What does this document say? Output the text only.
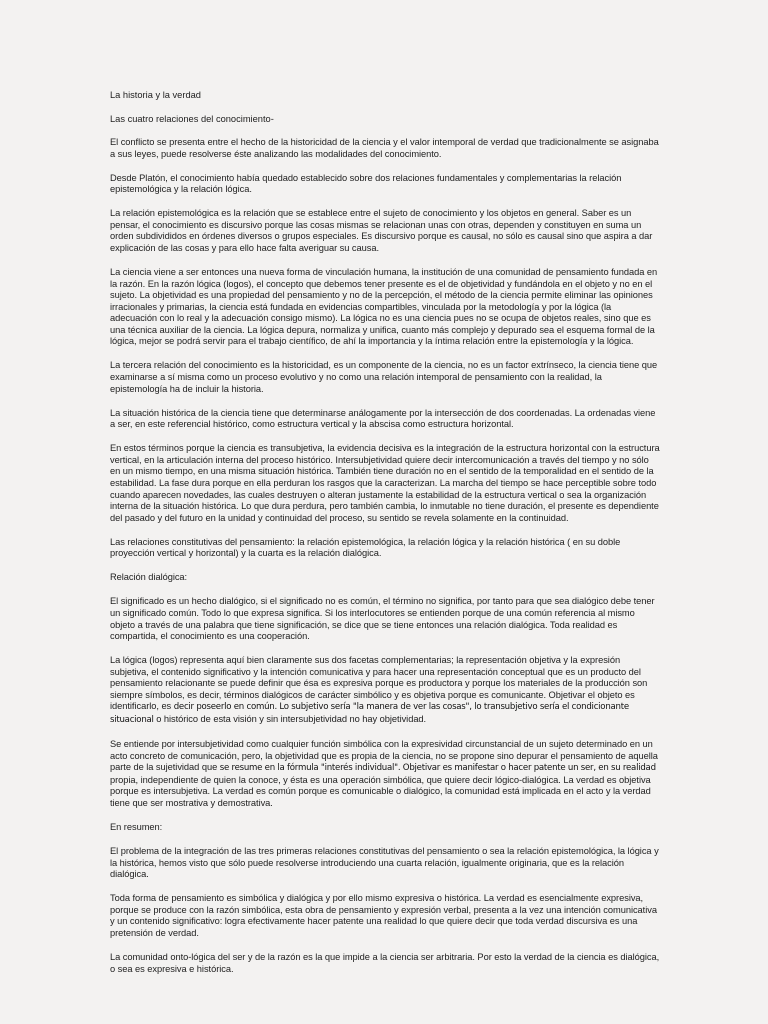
La historia y la verdad
Las cuatro relaciones del conocimiento-

El conflicto se presenta entre el hecho de la historicidad de la ciencia y el valor intemporal de verdad que tradicionalmente se asignaba a sus leyes, puede resolverse éste analizando las modalidades del conocimiento.

Desde Platón, el conocimiento había quedado establecido sobre dos relaciones fundamentales y complementarias la relación epistemológica y la relación lógica.

La relación epistemológica es la relación que se establece entre el sujeto de conocimiento y los objetos en general. Saber es un pensar, el conocimiento es discursivo porque las cosas mismas se relacionan unas con otras, dependen y constituyen en suma un orden subdivididos en órdenes diversos o grupos especiales. Es discursivo porque es causal, no sólo es causal sino que aspira a dar explicación de las cosas y para ello hace falta averiguar su causa.

La ciencia viene a ser entonces una nueva forma de vinculación humana, la institución de una comunidad de pensamiento fundada en la razón. En la razón lógica (logos), el concepto que debemos tener presente es el de objetividad y fundándola en el objeto y no en el sujeto. La objetividad es una propiedad del pensamiento y no de la percepción, el método de la ciencia permite eliminar las opiniones irracionales y primarias, la ciencia está fundada en evidencias compartibles, vinculada por la metodología y por la lógica (la adecuación con lo real y la adecuación consigo mismo). La lógica no es una ciencia pues no se ocupa de objetos reales, sino que es una técnica auxiliar de la ciencia. La lógica depura, normaliza y unifica, cuanto más complejo y depurado sea el esquema formal de la lógica, mejor se podrá servir para el trabajo científico, de ahí la importancia y la íntima relación entre la epistemología y la lógica.

La tercera relación del conocimiento es la historicidad, es un componente de la ciencia, no es un factor extrínseco, la ciencia tiene que examinarse a sí misma como un proceso evolutivo y no como una relación intemporal de pensamiento con la realidad, la epistemología ha de incluir la historia.

La situación histórica de la ciencia tiene que determinarse análogamente por la intersección de dos coordenadas. La ordenadas viene a ser, en este referencial histórico, como estructura vertical y la abscisa como estructura horizontal.

En estos términos porque la ciencia es transubjetiva, la evidencia decisiva es la integración de la estructura horizontal con la estructura vertical, en la articulación interna del proceso histórico. Intersubjetividad quiere decir intercomunicación a través del tiempo y no sólo en un mismo tiempo, en una misma situación histórica. También tiene duración no en el sentido de la temporalidad en el sentido de la estabilidad. La fase dura porque en ella perduran los rasgos que la caracterizan. La marcha del tiempo se hace perceptible sobre todo cuando aparecen novedades, las cuales destruyen o alteran justamente la estabilidad de la estructura vertical o sea la organización interna de la situación histórica. Lo que dura perdura, pero también cambia, lo inmutable no tiene duración, el presente es dependiente del pasado y del futuro en la unidad y continuidad del proceso, su sentido se revela solamente en la continuidad.

Las relaciones constitutivas del pensamiento: la relación epistemológica, la relación lógica y la relación histórica ( en su doble proyección vertical y horizontal) y la cuarta es la relación dialógica.

Relación dialógica:

El significado es un hecho dialógico, si el significado no es común, el término no significa, por tanto para que sea dialógico debe tener un significado común. Todo lo que expresa significa. Si los interlocutores se entienden porque de una común referencia al mismo objeto a través de una palabra que tiene significación, se dice que se tiene entonces una relación dialógica. Toda realidad es compartida, el conocimiento es una cooperación.

La lógica (logos) representa aquí bien claramente sus dos facetas complementarias; la representación objetiva y la expresión subjetiva, el contenido significativo y la intención comunicativa y para hacer una representación conceptual que es un producto del pensamiento relacionante se puede definir que ésa es expresiva porque es productora y porque los materiales de la producción son siempre símbolos, es decir, términos dialógicos de carácter simbólico y es objetiva porque es comunicante. Objetivar el objeto es identificarlo, es decir poseerlo en común. Lo subjetivo sería "la manera de ver las cosas", lo transubjetivo sería el condicionante situacional o histórico de esta visión y sin intersubjetividad no hay objetividad.

Se entiende por intersubjetividad como cualquier función simbólica con la expresividad circunstancial de un sujeto determinado en un acto concreto de comunicación, pero, la objetividad que es propia de la ciencia, no se propone sino depurar el pensamiento de aquella parte de la sujetividad que se resume en la fórmula "interés individual". Objetivar es manifestar o hacer patente un ser, en su realidad propia, independiente de quien la conoce, y ésta es una operación simbólica, que quiere decir lógico-dialógica. La verdad es objetiva porque es intersubjetiva. La verdad es común porque es comunicable o dialógico, la comunidad está implicada en el acto y la verdad tiene que ser mostrativa y demostrativa.

En resumen:

El problema de la integración de las tres primeras relaciones constitutivas del pensamiento o sea la relación epistemológica, la lógica y la histórica, hemos visto que sólo puede resolverse introduciendo una cuarta relación, igualmente originaria, que es la relación dialógica.

Toda forma de pensamiento es simbólica y dialógica y por ello mismo expresiva o histórica. La verdad es esencialmente expresiva, porque se produce con la razón simbólica, esta obra de pensamiento y expresión verbal, presenta a la vez una intención comunicativa y un contenido significativo: logra efectivamente hacer patente una realidad lo que quiere decir que toda verdad discursiva es una pretensión de verdad.

La comunidad onto-lógica del ser y de la razón es la que impide a la ciencia ser arbitraria. Por esto la verdad de la ciencia es dialógica, o sea es expresiva e histórica.
